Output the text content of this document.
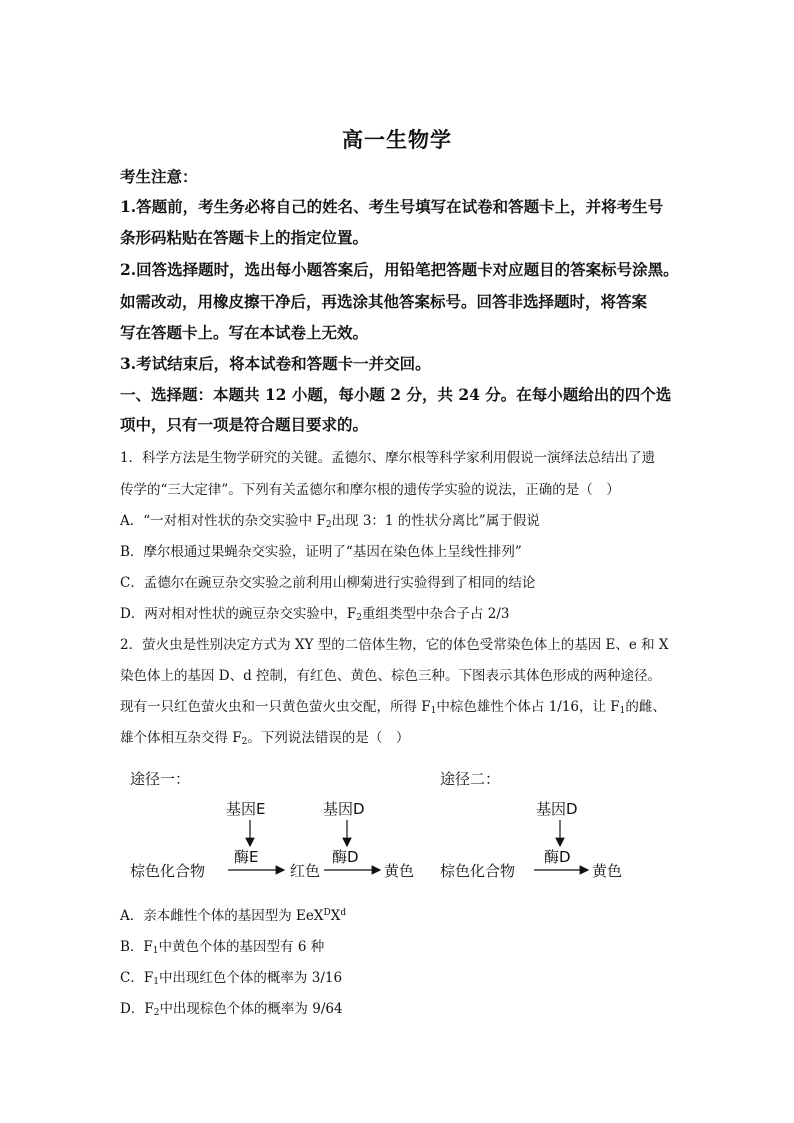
高一生物学
考生注意：
1.答题前，考生务必将自己的姓名、考生号填写在试卷和答题卡上，并将考生号
条形码粘贴在答题卡上的指定位置。
2.回答选择题时，选出每小题答案后，用铅笔把答题卡对应题目的答案标号涂黑。
如需改动，用橡皮擦干净后，再选涂其他答案标号。回答非选择题时，将答案
写在答题卡上。写在本试卷上无效。
3.考试结束后，将本试卷和答题卡一并交回。
一、选择题：本题共 12 小题，每小题 2 分，共 24 分。在每小题给出的四个选
项中，只有一项是符合题目要求的。
1．科学方法是生物学研究的关键。孟德尔、摩尔根等科学家利用假说一演绎法总结出了遗
传学的“三大定律”。下列有关孟德尔和摩尔根的遗传学实验的说法，正确的是（　）
A．“一对相对性状的杂交实验中 $F_2$出现 3：1 的性状分离比”属于假说
B．摩尔根通过果蝇杂交实验，证明了“基因在染色体上呈线性排列”
C．孟德尔在豌豆杂交实验之前利用山柳菊进行实验得到了相同的结论
D．两对相对性状的豌豆杂交实验中，$F_2$重组类型中杂合子占 2/3
2．萤火虫是性别决定方式为 XY 型的二倍体生物，它的体色受常染色体上的基因 E、e 和 X
染色体上的基因 D、d 控制，有红色、黄色、棕色三种。下图表示其体色形成的两种途径。
现有一只红色萤火虫和一只黄色萤火虫交配，所得 $F_1$中棕色雄性个体占 1/16，让 $F_1$的雌、
雄个体相互杂交得 $F_2$。下列说法错误的是（　）
途径一：
基因E	基因D
酶E	酶D
棕色化合物	红色	黄色
途径二：
基因D
酶D
棕色化合物	黄色
A．亲本雌性个体的基因型为 $EeX^DX^d$
B．$F_1$中黄色个体的基因型有 6 种
C．$F_1$中出现红色个体的概率为 3/16
D．$F_2$中出现棕色个体的概率为 9/64
